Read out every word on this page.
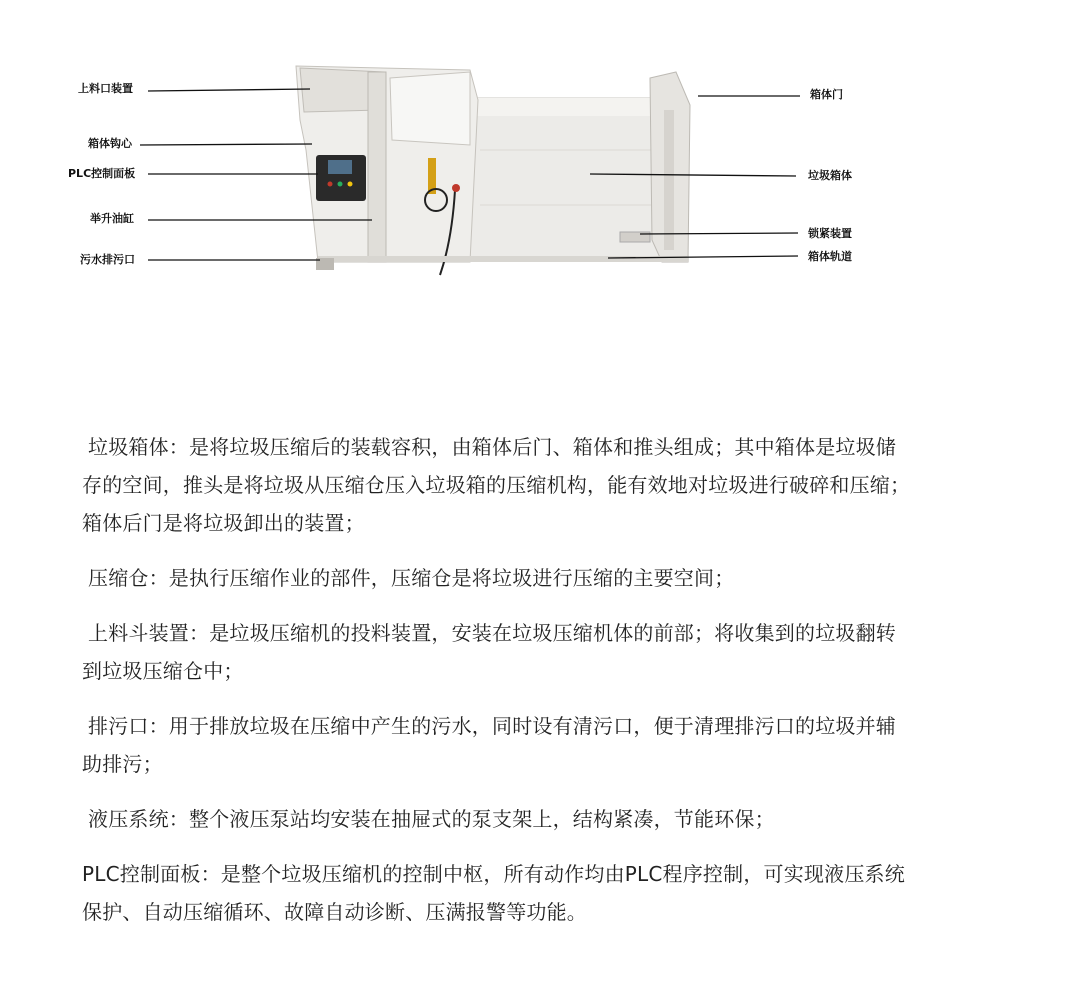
上料口装置
箱体钩心
PLC控制面板
举升油缸
污水排污口
箱体门
垃圾箱体
锁紧装置
箱体轨道

垃圾箱体：是将垃圾压缩后的装载容积，由箱体后门、箱体和推头组成；其中箱体是垃圾储存的空间，推头是将垃圾从压缩仓压入垃圾箱的压缩机构，能有效地对垃圾进行破碎和压缩；箱体后门是将垃圾卸出的装置；

压缩仓：是执行压缩作业的部件，压缩仓是将垃圾进行压缩的主要空间；

上料斗装置：是垃圾压缩机的投料装置，安装在垃圾压缩机体的前部；将收集到的垃圾翻转到垃圾压缩仓中；

排污口：用于排放垃圾在压缩中产生的污水，同时设有清污口，便于清理排污口的垃圾并辅助排污；

液压系统：整个液压泵站均安装在抽屉式的泵支架上，结构紧凑，节能环保；

PLC控制面板：是整个垃圾压缩机的控制中枢，所有动作均由PLC程序控制，可实现液压系统保护、自动压缩循环、故障自动诊断、压满报警等功能。
